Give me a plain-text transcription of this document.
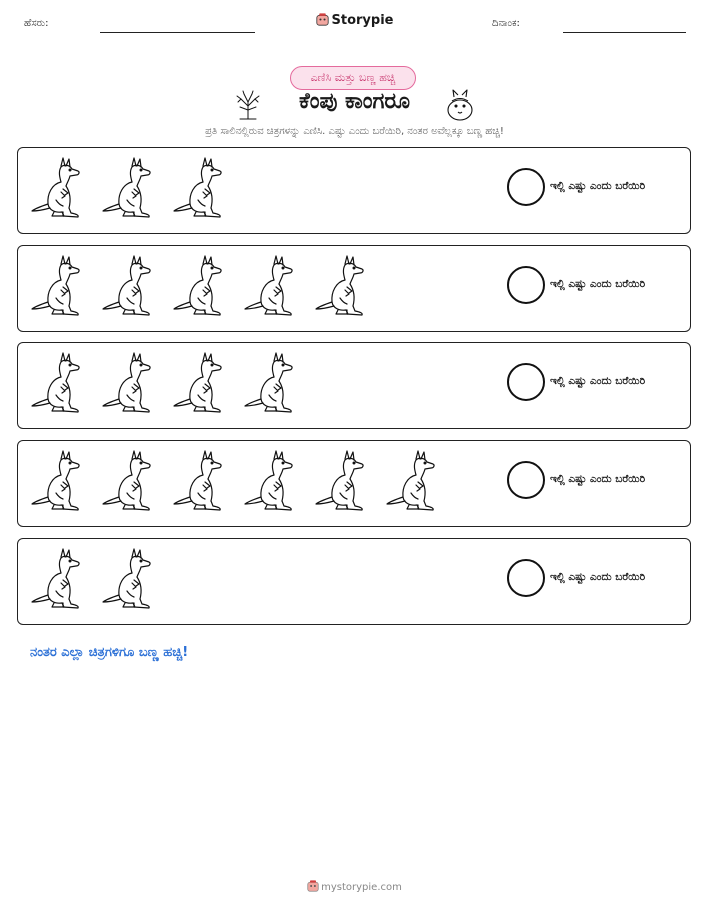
ಹೆಸರು:	Storypie	ದಿನಾಂಕ:
ಎಣಿಸಿ ಮತ್ತು ಬಣ್ಣ ಹಚ್ಚಿ
ಕೆಂಪು ಕಾಂಗರೂ
ಪ್ರತಿ ಸಾಲಿನಲ್ಲಿರುವ ಚಿತ್ರಗಳನ್ನು ಎಣಿಸಿ. ಎಷ್ಟು ಎಂದು ಬರೆಯಿರಿ, ನಂತರ ಅವೆಲ್ಲಕ್ಕೂ ಬಣ್ಣ ಹಚ್ಚಿ!
ಇಲ್ಲಿ ಎಷ್ಟು ಎಂದು ಬರೆಯಿರಿ
ಇಲ್ಲಿ ಎಷ್ಟು ಎಂದು ಬರೆಯಿರಿ
ಇಲ್ಲಿ ಎಷ್ಟು ಎಂದು ಬರೆಯಿರಿ
ಇಲ್ಲಿ ಎಷ್ಟು ಎಂದು ಬರೆಯಿರಿ
ಇಲ್ಲಿ ಎಷ್ಟು ಎಂದು ಬರೆಯಿರಿ
ನಂತರ ಎಲ್ಲಾ ಚಿತ್ರಗಳಿಗೂ ಬಣ್ಣ ಹಚ್ಚಿ!
mystorypie.com
